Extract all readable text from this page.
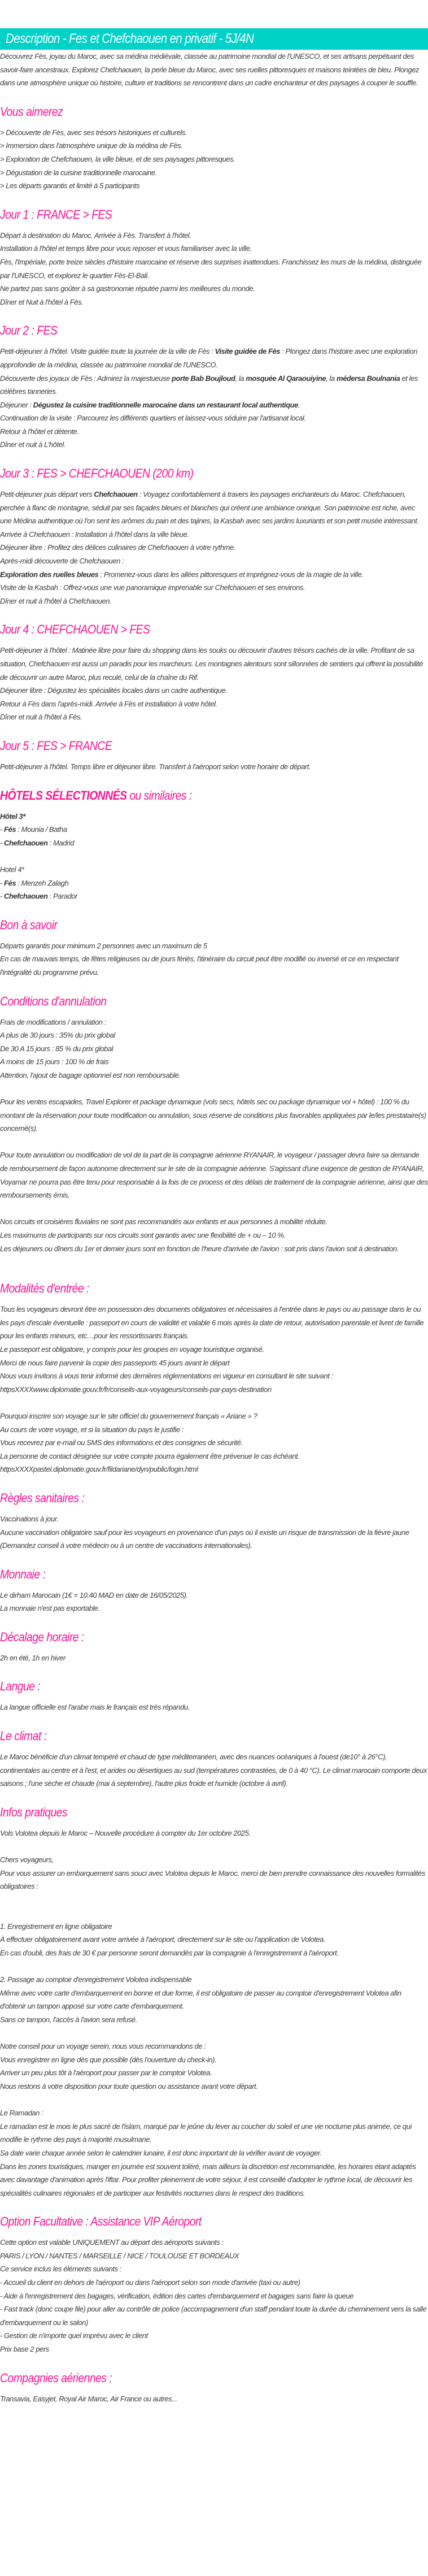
Description - Fes et Chefchaouen en privatif - 5J/4N

Découvrez Fès, joyau du Maroc, avec sa médina médiévale, classée au patrimoine mondial de l'UNESCO, et ses artisans perpétuant des savoir-faire ancestraux. Explorez Chefchaouen, la perle bleue du Maroc, avec ses ruelles pittoresques et maisons teintées de bleu. Plongez dans une atmosphère unique où histoire, culture et traditions se rencontrent dans un cadre enchanteur et des paysages à couper le souffle.

Vous aimerez

> Découverte de Fès, avec ses trésors historiques et culturels.

> Immersion dans l'atmosphère unique de la médina de Fès.

> Exploration de Chefchaouen, la ville bleue, et de ses paysages pittoresques.

> Dégustation de la cuisine traditionnelle marocaine.

> Les départs garantis et limité à 5 participants

Jour 1 : FRANCE > FES

Départ à destination du Maroc. Arrivée à Fès. Transfert à l'hôtel.

Installation à l'hôtel et temps libre pour vous reposer et vous familiariser avec la ville.

Fès, l'Impériale, porte treize siècles d'histoire marocaine et réserve des surprises inattendues. Franchissez les murs de la médina, distinguée par l'UNESCO, et explorez le quartier Fès-El-Bali.

Ne partez pas sans goûter à sa gastronomie réputée parmi les meilleures du monde.

Dîner et Nuit à l'hôtel à Fès.

Jour 2 : FES

Petit-déjeuner à l'hôtel. Visite guidée toute la journée de la ville de Fès : Visite guidée de Fès : Plongez dans l'histoire avec une exploration approfondie de la médina, classée au patrimoine mondial de l'UNESCO.

Découverte des joyaux de Fès : Admirez la majestueuse porte Bab Boujloud, la mosquée Al Qaraouiyine, la médersa Boulnania et les célèbres tanneries.

Déjeuner : Dégustez la cuisine traditionnelle marocaine dans un restaurant local authentique.

Continuation de la visite : Parcourez les différents quartiers et laissez-vous séduire par l'artisanat local.

Retour à l'hôtel et détente.

Dîner et nuit à L'hôtel.

Jour 3 : FES > CHEFCHAOUEN (200 km)

Petit-déjeuner puis départ vers Chefchaouen : Voyagez confortablement à travers les paysages enchanteurs du Maroc. Chefchaouen, perchée à flanc de montagne, séduit par ses façades bleues et blanches qui créent une ambiance onirique. Son patrimoine est riche, avec une Médina authentique où l'on sent les arômes du pain et des tajines, la Kasbah avec ses jardins luxuriants et son petit musée intéressant. Arrivée à Chefchaouen : Installation à l'hôtel dans la ville bleue.

Déjeuner libre : Profitez des délices culinaires de Chefchaouen à votre rythme.

Après-midi découverte de Chefchaouen :

Exploration des ruelles bleues : Promenez-vous dans les allées pittoresques et imprégnez-vous de la magie de la ville.

Visite de la Kasbah : Offrez-vous une vue panoramique imprenable sur Chefchaouen et ses environs.

Dîner et nuit à l'hôtel à Chefchaouen.

Jour 4 : CHEFCHAOUEN > FES

Petit-déjeuner à l'hôtel : Matinée libre pour faire du shopping dans les souks ou découvrir d'autres trésors cachés de la ville. Profitant de sa situation, Chefchaouen est aussi un paradis pour les marcheurs. Les montagnes alentours sont sillonnées de sentiers qui offrent la possibilité de découvrir un autre Maroc, plus reculé, celui de la chaîne du Rif.

Déjeuner libre : Dégustez les spécialités locales dans un cadre authentique.

Retour à Fès dans l'après-midi. Arrivée à Fès et installation à votre hôtel.

Dîner et nuit à l'hôtel à Fès.

Jour 5 : FES > FRANCE

Petit-déjeuner à l'hôtel. Temps libre et déjeuner libre. Transfert à l'aéroport selon votre horaire de départ.

HÔTELS SÉLECTIONNÉS ou similaires :

Hôtel 3*

- Fés : Mounia / Batha

- Chefchaouen : Madrid

Hotel 4*

- Fés : Menzeh Zalagh

- Chefchaouen : Parador

Bon à savoir

Départs garantis pour minimum 2 personnes avec un maximum de 5

En cas de mauvais temps, de fêtes religieuses ou de jours fériés, l'itinéraire du circuit peut être modifié ou inversé et ce en respectant l'intégralité du programme prévu.

Conditions d'annulation

Frais de modifications / annulation :

A plus de 30 jours : 35% du prix global

De 30 A 15 jours : 85 % du prix global

A moins de 15 jours : 100 % de frais

Attention, l'ajout de bagage optionnel est non remboursable.

Pour les ventes escapades, Travel Explorer et package dynamique (vols secs, hôtels sec ou package dynamique vol + hôtel) : 100 % du montant de la réservation pour toute modification ou annulation, sous réserve de conditions plus favorables appliquées par le/les prestataire(s) concerné(s).

Pour toute annulation ou modification de vol de la part de la compagnie aérienne RYANAIR, le voyageur / passager devra faire sa demande de remboursement de façon autonome directement sur le site de la compagnie aérienne. S'agissant d'une exigence de gestion de RYANAIR, Voyamar ne pourra pas être tenu pour responsable à la fois de ce process et des délais de traitement de la compagnie aérienne, ainsi que des remboursements émis.

Nos circuits et croisières fluviales ne sont pas recommandés aux enfants et aux personnes à mobilité réduite.

Les maximums de participants sur nos circuits sont garantis avec une flexibilité de + ou – 10 %.

Les déjeuners ou dîners du 1er et dernier jours sont en fonction de l'heure d'arrivée de l'avion : soit pris dans l'avion soit à destination.

Modalités d'entrée :

Tous les voyageurs devront être en possession des documents obligatoires et nécessaires à l'entrée dans le pays ou au passage dans le ou les pays d'escale éventuelle : passeport en cours de validité et valable 6 mois après la date de retour, autorisation parentale et livret de famille pour les enfants mineurs, etc…pour les ressortissants français.

Le passeport est obligatoire, y compris pour les groupes en voyage touristique organisé.

Merci de nous faire parvenir la copie des passeports 45 jours avant le départ

Nous vous invitons à vous tenir informé des dernières réglementations en vigueur en consultant le site suivant : httpsXXXXwww.diplomatie.gouv.fr/fr/conseils-aux-voyageurs/conseils-par-pays-destination

Pourquoi inscrire son voyage sur le site officiel du gouvernement français « Ariane » ?

Au cours de votre voyage, et si la situation du pays le justifie :

Vous recevrez par e-mail ou SMS des informations et des consignes de sécurité.

La personne de contact désignée sur votre compte pourra également être prévenue le cas échéant.

httpsXXXXpastel.diplomatie.gouv.fr/fildariane/dyn/public/login.html

Règles sanitaires :

Vaccinations à jour.

Aucune vaccination obligatoire sauf pour les voyageurs en provenance d'un pays où il existe un risque de transmission de la fièvre jaune (Demandez conseil à votre médecin ou à un centre de vaccinations internationales).

Monnaie :

Le dirham Marocain (1€ = 10.40 MAD en date de 16/05/2025).

La monnaie n'est pas exportable.

Décalage horaire :

2h en été, 1h en hiver

Langue :

La langue officielle est l'arabe mais le français est très répandu.

Le climat :

Le Maroc bénéficie d'un climat tempéré et chaud de type méditerranéen, avec des nuances océaniques à l'ouest (de10° à 26°C), continentales au centre et à l'est, et arides ou désertiques au sud (températures contrastées, de 0 à 40 °C). Le climat marocain comporte deux saisons ; l'une sèche et chaude (mai à septembre), l'autre plus froide et humide (octobre à avril).

Infos pratiques

Vols Volotea depuis le Maroc – Nouvelle procédure à compter du 1er octobre 2025.

Chers voyageurs,

Pour vous assurer un embarquement sans souci avec Volotea depuis le Maroc, merci de bien prendre connaissance des nouvelles formalités obligatoires :

1. Enregistrement en ligne obligatoire

À effectuer obligatoirement avant votre arrivée à l'aéroport, directement sur le site ou l'application de Volotea.

En cas d'oubli, des frais de 30 € par personne seront demandés par la compagnie à l'enregistrement à l'aéroport.

2. Passage au comptoir d'enregistrement Volotea indispensable

Même avec votre carte d'embarquement en bonne et due forme, il est obligatoire de passer au comptoir d'enregistrement Volotea afin d'obtenir un tampon apposé sur votre carte d'embarquement.

Sans ce tampon, l'accès à l'avion sera refusé.

Notre conseil pour un voyage serein, nous vous recommandons de :

Vous enregistrer en ligne dès que possible (dès l'ouverture du check-in).

Arriver un peu plus tôt à l'aéroport pour passer par le comptoir Volotea.

Nous restons à votre disposition pour toute question ou assistance avant votre départ.

Le Ramadan :

Le ramadan est le mois le plus sacré de l'islam, marqué par le jeûne du lever au coucher du soleil et une vie nocturne plus animée, ce qui modifie le rythme des pays à majorité musulmane.

Sa date varie chaque année selon le calendrier lunaire, il est donc important de la vérifier avant de voyager.

Dans les zones touristiques, manger en journée est souvent toléré, mais ailleurs la discrétion est recommandée, les horaires étant adaptés avec davantage d'animation après l'iftar. Pour profiter pleinement de votre séjour, il est conseillé d'adopter le rythme local, de découvrir les spécialités culinaires régionales et de participer aux festivités nocturnes dans le respect des traditions.

Option Facultative : Assistance VIP Aéroport

Cette option est valable UNIQUEMENT au départ des aéroports suivants :

PARIS / LYON / NANTES / MARSEILLE / NICE / TOULOUSE ET BORDEAUX

Ce service inclus les éléments suivants :

- Accueil du client en dehors de l'aéroport ou dans l'aéroport selon son mode d'arrivée (taxi ou autre)

- Aide à l'enregistrement des bagages, vérification, édition des cartes d'embarquement et bagages sans faire la queue

- Fast track (donc coupe file) pour aller au contrôle de police (accompagnement d'un staff pendant toute la durée du cheminement vers la salle d'embarquement ou le salon)

- Gestion de n'importe quel imprévu avec le client

Prix base 2 pers

Compagnies aériennes :

Transavia, Easyjet, Royal Air Maroc, Air France ou autres...
